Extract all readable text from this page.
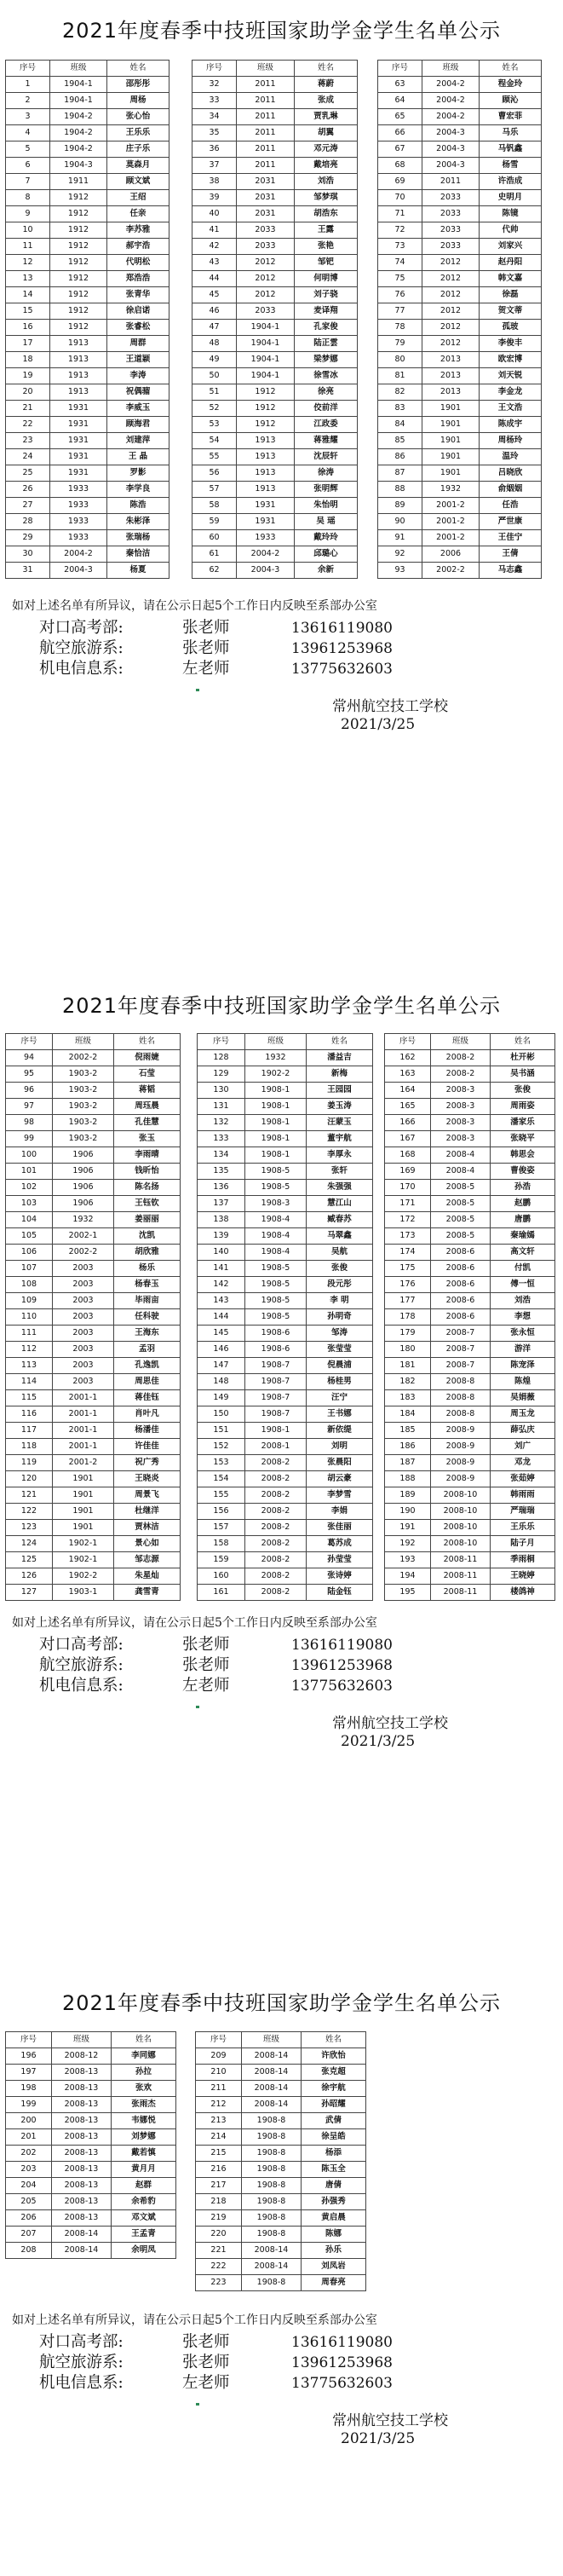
2021年度春季中技班国家助学金学生名单公示
序号	班级	姓名
1	1904-1	邵彤彤
2	1904-1	周杨
3	1904-2	张心怡
4	1904-2	王乐乐
5	1904-2	庄子乐
6	1904-3	莫森月
7	1911	顾文斌
8	1912	王绍
9	1912	任亲
10	1912	李苏雅
11	1912	郝宇浩
12	1912	代明松
13	1912	郑浩浩
14	1912	张青华
15	1912	徐启诺
16	1912	张睿松
17	1913	周群
18	1913	王道颖
19	1913	李涛
20	1913	祝偶骝
21	1931	李威玉
22	1931	顾海君
23	1931	刘建萍
24	1931	王 晶
25	1931	罗影
26	1933	李学良
27	1933	陈浩
28	1933	朱彬泽
29	1933	张瑞杨
30	2004-2	秦恰洁
31	2004-3	杨夏
序号	班级	姓名
32	2011	蒋蔚
33	2011	张成
34	2011	贾乳琳
35	2011	胡翼
36	2011	邓元涛
37	2011	戴培亮
38	2031	刘浩
39	2031	邹梦琪
40	2031	胡浩东
41	2033	王露
42	2033	张艳
43	2012	邹钯
44	2012	何明博
45	2012	刘子骁
46	2033	麦译翔
47	1904-1	孔家俊
48	1904-1	陆正雲
49	1904-1	梁梦娜
50	1904-1	徐雪冰
51	1912	徐亮
52	1912	佼前洋
53	1912	江政委
54	1913	蒋雅耀
55	1913	沈辰轩
56	1913	徐涛
57	1913	张明辉
58	1931	朱怡明
59	1931	吴 瑶
60	1933	戴玲玲
61	2004-2	邱璐心
62	2004-3	余新
序号	班级	姓名
63	2004-2	程金玲
64	2004-2	顾沁
65	2004-2	曹宏菲
66	2004-3	马乐
67	2004-3	马钒鑫
68	2004-3	杨雪
69	2011	许浩成
70	2033	史明月
71	2033	陈镜
72	2033	代帅
73	2033	刘家兴
74	2012	赵丹阳
75	2012	韩文嘉
76	2012	徐磊
77	2012	贺文蒂
78	2012	孤玻
79	2012	李俊丰
80	2013	欧宏博
81	2013	刘天锐
82	2013	李金龙
83	1901	王文浩
84	1901	陈成宇
85	1901	周杨玲
86	1901	温玲
87	1901	吕晓欣
88	1932	俞姻姻
89	2001-2	任浩
90	2001-2	严世康
91	2001-2	王佳宁
92	2006	王倩
93	2002-2	马志鑫
如对上述名单有所异议，请在公示日起5个工作日内反映至系部办公室
对口高考部:	张老师	13616119080
航空旅游系:	张老师	13961253968
机电信息系:	左老师	13775632603
常州航空技工学校
2021/3/25
2021年度春季中技班国家助学金学生名单公示
序号	班级	姓名
94	2002-2	倪雨婕
95	1903-2	石莹
96	1903-2	蒋韬
97	1903-2	周珏晨
98	1903-2	孔佳慧
99	1903-2	张玉
100	1906	李雨晴
101	1906	钱昕怡
102	1906	陈名扬
103	1906	王钰钦
104	1932	姜丽丽
105	2002-1	沈凯
106	2002-2	胡欣雅
107	2003	杨乐
108	2003	杨春玉
109	2003	毕雨亩
110	2003	任科驶
111	2003	王海东
112	2003	孟羽
113	2003	孔逸凯
114	2003	周思佳
115	2001-1	蒋佳钰
116	2001-1	肖叶凡
117	2001-1	杨潘佳
118	2001-1	许佳佳
119	2001-2	祝广秀
120	1901	王晓炎
121	1901	周景飞
122	1901	杜继洋
123	1901	贾林洁
124	1902-1	景心如
125	1902-1	邹志源
126	1902-2	朱星灿
127	1903-1	龚雪青
序号	班级	姓名
128	1932	潘益吉
129	1902-2	新梅
130	1908-1	王园园
131	1908-1	姜玉涛
132	1908-1	汪蒙玉
133	1908-1	董宇航
134	1908-1	李厚永
135	1908-5	张轩
136	1908-5	朱强强
137	1908-3	慧江山
138	1908-4	臧春苏
139	1908-4	马翠鑫
140	1908-4	吴航
141	1908-5	张俊
142	1908-5	段元彤
143	1908-5	李 明
144	1908-5	孙明奇
145	1908-6	邹涛
146	1908-6	张莹莹
147	1908-7	倪晨浦
148	1908-7	杨桂男
149	1908-7	汪宁
150	1908-7	王书娜
151	1908-1	新依缇
152	2008-1	刘明
153	2008-2	张晨阳
154	2008-2	胡云豪
155	2008-2	李梦雪
156	2008-2	李娟
157	2008-2	张佳丽
158	2008-2	葛苏成
159	2008-2	孙莹莹
160	2008-2	张诗婷
161	2008-2	陆金钰
序号	班级	姓名
162	2008-2	杜开彬
163	2008-2	吴书涵
164	2008-3	张俊
165	2008-3	周雨姿
166	2008-3	潘家乐
167	2008-3	张晓平
168	2008-4	韩思会
169	2008-4	曹俊姿
170	2008-5	孙浩
171	2008-5	赵鹏
172	2008-5	唐鹏
173	2008-5	秦瑜嫣
174	2008-6	高文轩
175	2008-6	付凯
176	2008-6	傅一恒
177	2008-6	刘浩
178	2008-6	李想
179	2008-7	张永恒
180	2008-7	游洋
181	2008-7	陈宠泽
182	2008-8	陈煌
183	2008-8	吴娟薇
184	2008-8	周玉龙
185	2008-9	薛弘庆
186	2008-9	刘广
187	2008-9	邓龙
188	2008-9	张茹婷
189	2008-10	韩雨雨
190	2008-10	严瑞瑞
191	2008-10	王乐乐
192	2008-10	陆子月
193	2008-11	季雨桐
194	2008-11	王晓婷
195	2008-11	楼鸽神
如对上述名单有所异议，请在公示日起5个工作日内反映至系部办公室
对口高考部:	张老师	13616119080
航空旅游系:	张老师	13961253968
机电信息系:	左老师	13775632603
常州航空技工学校
2021/3/25
2021年度春季中技班国家助学金学生名单公示
序号	班级	姓名
196	2008-12	李同娜
197	2008-13	孙拉
198	2008-13	张欢
199	2008-13	张雨杰
200	2008-13	韦娜悦
201	2008-13	刘梦娜
202	2008-13	戴若慎
203	2008-13	黄月月
204	2008-13	赵群
205	2008-13	余希豹
206	2008-13	邓文斌
207	2008-14	王孟青
208	2008-14	余明凤
序号	班级	姓名
209	2008-14	许欣怡
210	2008-14	张克超
211	2008-14	徐宇航
212	2008-14	孙昭耀
213	1908-8	武倩
214	1908-8	徐呈皓
215	1908-8	杨添
216	1908-8	陈玉全
217	1908-8	唐倩
218	1908-8	孙强秀
219	1908-8	黄启晨
220	1908-8	陈娜
221	2008-14	孙乐
222	2008-14	刘凤岩
223	1908-8	周春亮
如对上述名单有所异议，请在公示日起5个工作日内反映至系部办公室
对口高考部:	张老师	13616119080
航空旅游系:	张老师	13961253968
机电信息系:	左老师	13775632603
常州航空技工学校
2021/3/25
